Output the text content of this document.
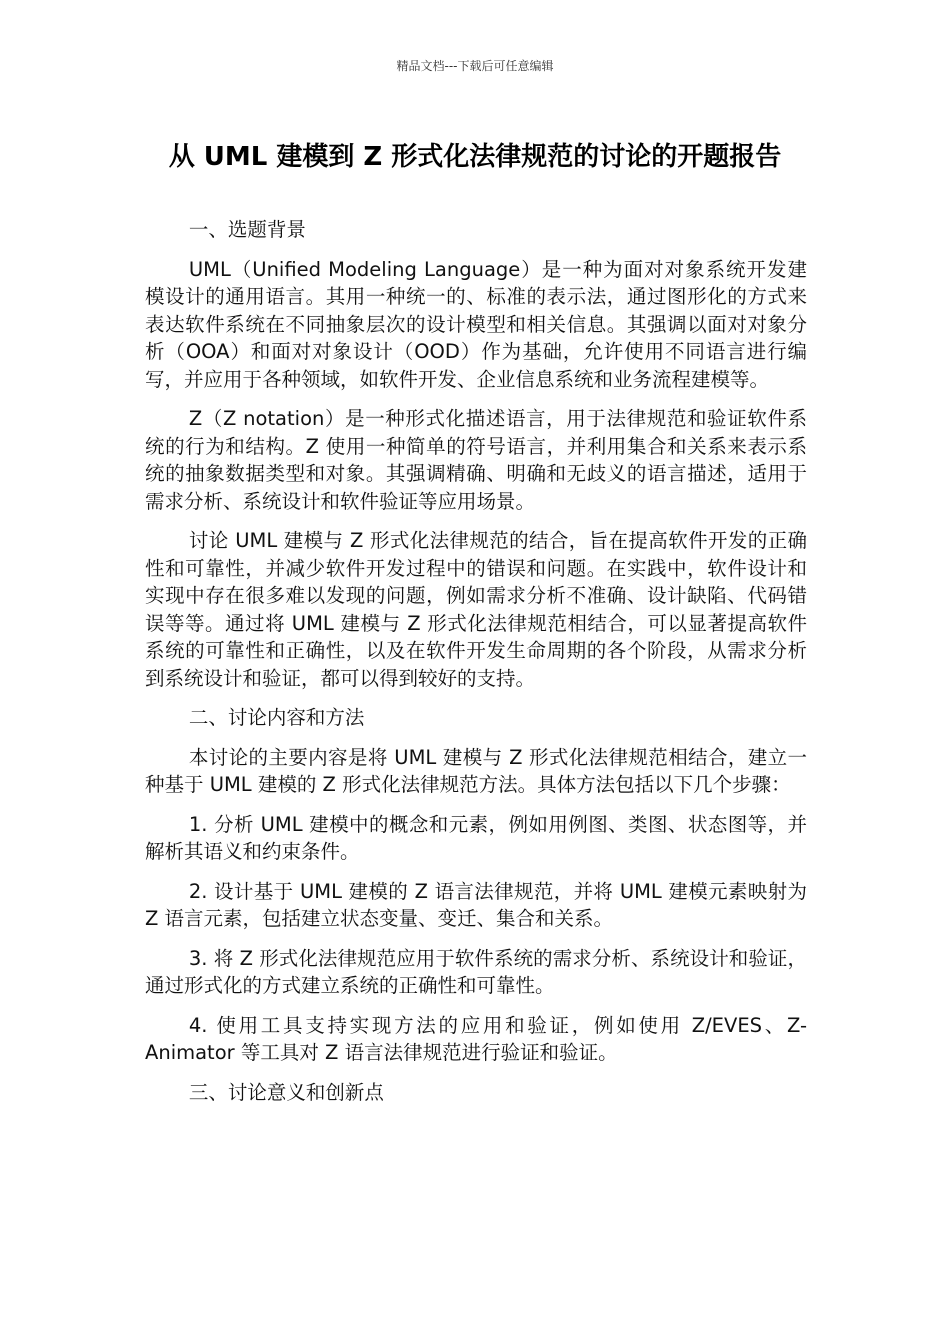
精品文档---下载后可任意编辑
从 UML 建模到 Z 形式化法律规范的讨论的开题报告

一、选题背景

UML（Unified Modeling Language）是一种为面对对象系统开发建模设计的通用语言。其用一种统一的、标准的表示法，通过图形化的方式来表达软件系统在不同抽象层次的设计模型和相关信息。其强调以面对对象分析（OOA）和面对对象设计（OOD）作为基础，允许使用不同语言进行编写，并应用于各种领域，如软件开发、企业信息系统和业务流程建模等。

Z（Z notation）是一种形式化描述语言，用于法律规范和验证软件系统的行为和结构。Z 使用一种简单的符号语言，并利用集合和关系来表示系统的抽象数据类型和对象。其强调精确、明确和无歧义的语言描述，适用于需求分析、系统设计和软件验证等应用场景。

讨论 UML 建模与 Z 形式化法律规范的结合，旨在提高软件开发的正确性和可靠性，并减少软件开发过程中的错误和问题。在实践中，软件设计和实现中存在很多难以发现的问题，例如需求分析不准确、设计缺陷、代码错误等等。通过将 UML 建模与 Z 形式化法律规范相结合，可以显著提高软件系统的可靠性和正确性，以及在软件开发生命周期的各个阶段，从需求分析到系统设计和验证，都可以得到较好的支持。

二、讨论内容和方法

本讨论的主要内容是将 UML 建模与 Z 形式化法律规范相结合，建立一种基于 UML 建模的 Z 形式化法律规范方法。具体方法包括以下几个步骤：

1. 分析 UML 建模中的概念和元素，例如用例图、类图、状态图等，并解析其语义和约束条件。

2. 设计基于 UML 建模的 Z 语言法律规范，并将 UML 建模元素映射为 Z 语言元素，包括建立状态变量、变迁、集合和关系。

3. 将 Z 形式化法律规范应用于软件系统的需求分析、系统设计和验证，通过形式化的方式建立系统的正确性和可靠性。

4. 使用工具支持实现方法的应用和验证，例如使用 Z/EVES、Z-Animator 等工具对 Z 语言法律规范进行验证和验证。

三、讨论意义和创新点
